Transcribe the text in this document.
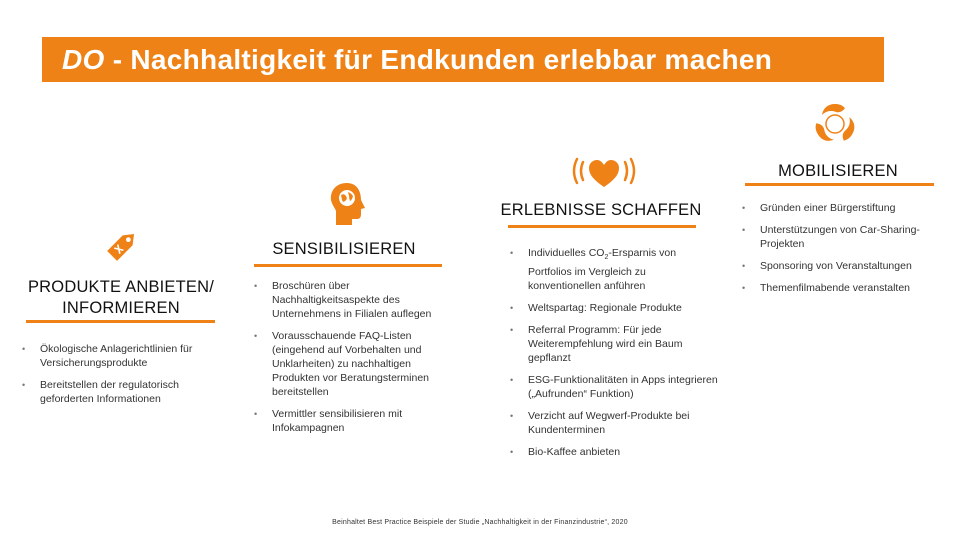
DO - Nachhaltigkeit für Endkunden erlebbar machen
PRODUKTE ANBIETEN/
INFORMIEREN
• Ökologische Anlagerichtlinien für Versicherungsprodukte
• Bereitstellen der regulatorisch geforderten Informationen
SENSIBILISIEREN
• Broschüren über Nachhaltigkeitsaspekte des Unternehmens in Filialen auflegen
• Vorausschauende FAQ-Listen (eingehend auf Vorbehalten und Unklarheiten) zu nachhaltigen Produkten vor Beratungsterminen bereitstellen
• Vermittler sensibilisieren mit Infokampagnen
ERLEBNISSE SCHAFFEN
• Individuelles $CO_2$-Ersparnis von Portfolios im Vergleich zu konventionellen anführen
• Weltspartag: Regionale Produkte
• Referral Programm: Für jede Weiterempfehlung wird ein Baum gepflanzt
• ESG-Funktionalitäten in Apps integrieren („Aufrunden“ Funktion)
• Verzicht auf Wegwerf-Produkte bei Kundenterminen
• Bio-Kaffee anbieten
MOBILISIEREN
• Gründen einer Bürgerstiftung
• Unterstützungen von Car-Sharing-Projekten
• Sponsoring von Veranstaltungen
• Themenfilmabende veranstalten
Beinhaltet Best Practice Beispiele der Studie „Nachhaltigkeit in der Finanzindustrie“, 2020
